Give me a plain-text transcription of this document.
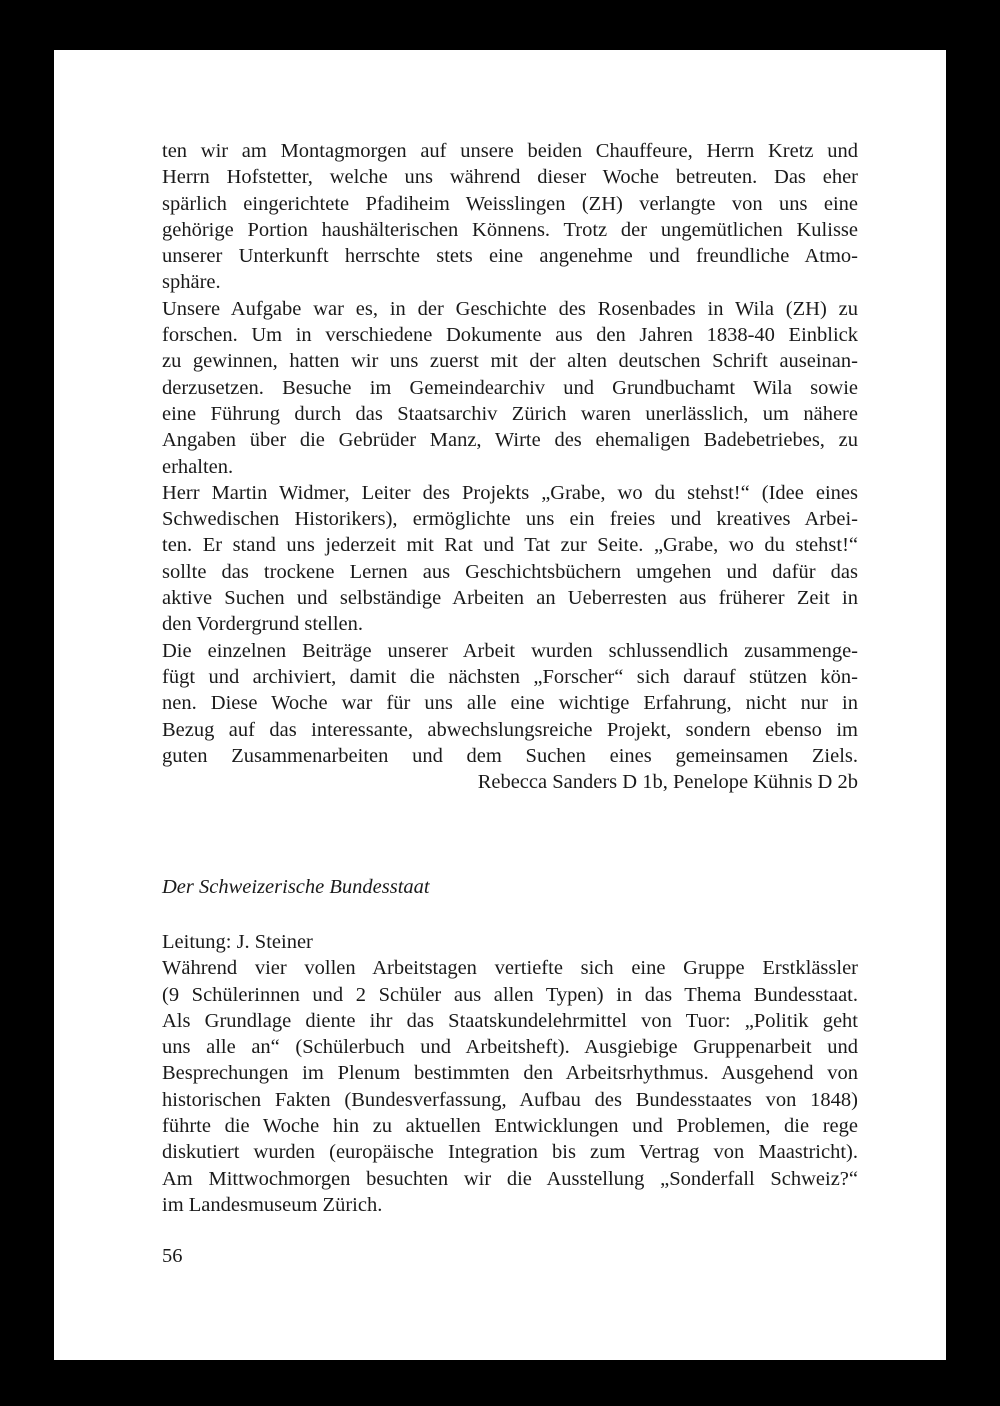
ten wir am Montagmorgen auf unsere beiden Chauffeure, Herrn Kretz und
Herrn Hofstetter, welche uns während dieser Woche betreuten. Das eher
spärlich eingerichtete Pfadiheim Weisslingen (ZH) verlangte von uns eine
gehörige Portion haushälterischen Könnens. Trotz der ungemütlichen Kulisse
unserer Unterkunft herrschte stets eine angenehme und freundliche Atmo-
sphäre.
Unsere Aufgabe war es, in der Geschichte des Rosenbades in Wila (ZH) zu
forschen. Um in verschiedene Dokumente aus den Jahren 1838-40 Einblick
zu gewinnen, hatten wir uns zuerst mit der alten deutschen Schrift auseinan-
derzusetzen. Besuche im Gemeindearchiv und Grundbuchamt Wila sowie
eine Führung durch das Staatsarchiv Zürich waren unerlässlich, um nähere
Angaben über die Gebrüder Manz, Wirte des ehemaligen Badebetriebes, zu
erhalten.
Herr Martin Widmer, Leiter des Projekts „Grabe, wo du stehst!“ (Idee eines
Schwedischen Historikers), ermöglichte uns ein freies und kreatives Arbei-
ten. Er stand uns jederzeit mit Rat und Tat zur Seite. „Grabe, wo du stehst!“
sollte das trockene Lernen aus Geschichtsbüchern umgehen und dafür das
aktive Suchen und selbständige Arbeiten an Ueberresten aus früherer Zeit in
den Vordergrund stellen.
Die einzelnen Beiträge unserer Arbeit wurden schlussendlich zusammenge-
fügt und archiviert, damit die nächsten „Forscher“ sich darauf stützen kön-
nen. Diese Woche war für uns alle eine wichtige Erfahrung, nicht nur in
Bezug auf das interessante, abwechslungsreiche Projekt, sondern ebenso im
guten Zusammenarbeiten und dem Suchen eines gemeinsamen Ziels.
Rebecca Sanders D 1b, Penelope Kühnis D 2b
Der Schweizerische Bundesstaat
Leitung: J. Steiner
Während vier vollen Arbeitstagen vertiefte sich eine Gruppe Erstklässler
(9 Schülerinnen und 2 Schüler aus allen Typen) in das Thema Bundesstaat.
Als Grundlage diente ihr das Staatskundelehrmittel von Tuor: „Politik geht
uns alle an“ (Schülerbuch und Arbeitsheft). Ausgiebige Gruppenarbeit und
Besprechungen im Plenum bestimmten den Arbeitsrhythmus. Ausgehend von
historischen Fakten (Bundesverfassung, Aufbau des Bundesstaates von 1848)
führte die Woche hin zu aktuellen Entwicklungen und Problemen, die rege
diskutiert wurden (europäische Integration bis zum Vertrag von Maastricht).
Am Mittwochmorgen besuchten wir die Ausstellung „Sonderfall Schweiz?“
im Landesmuseum Zürich.
56
